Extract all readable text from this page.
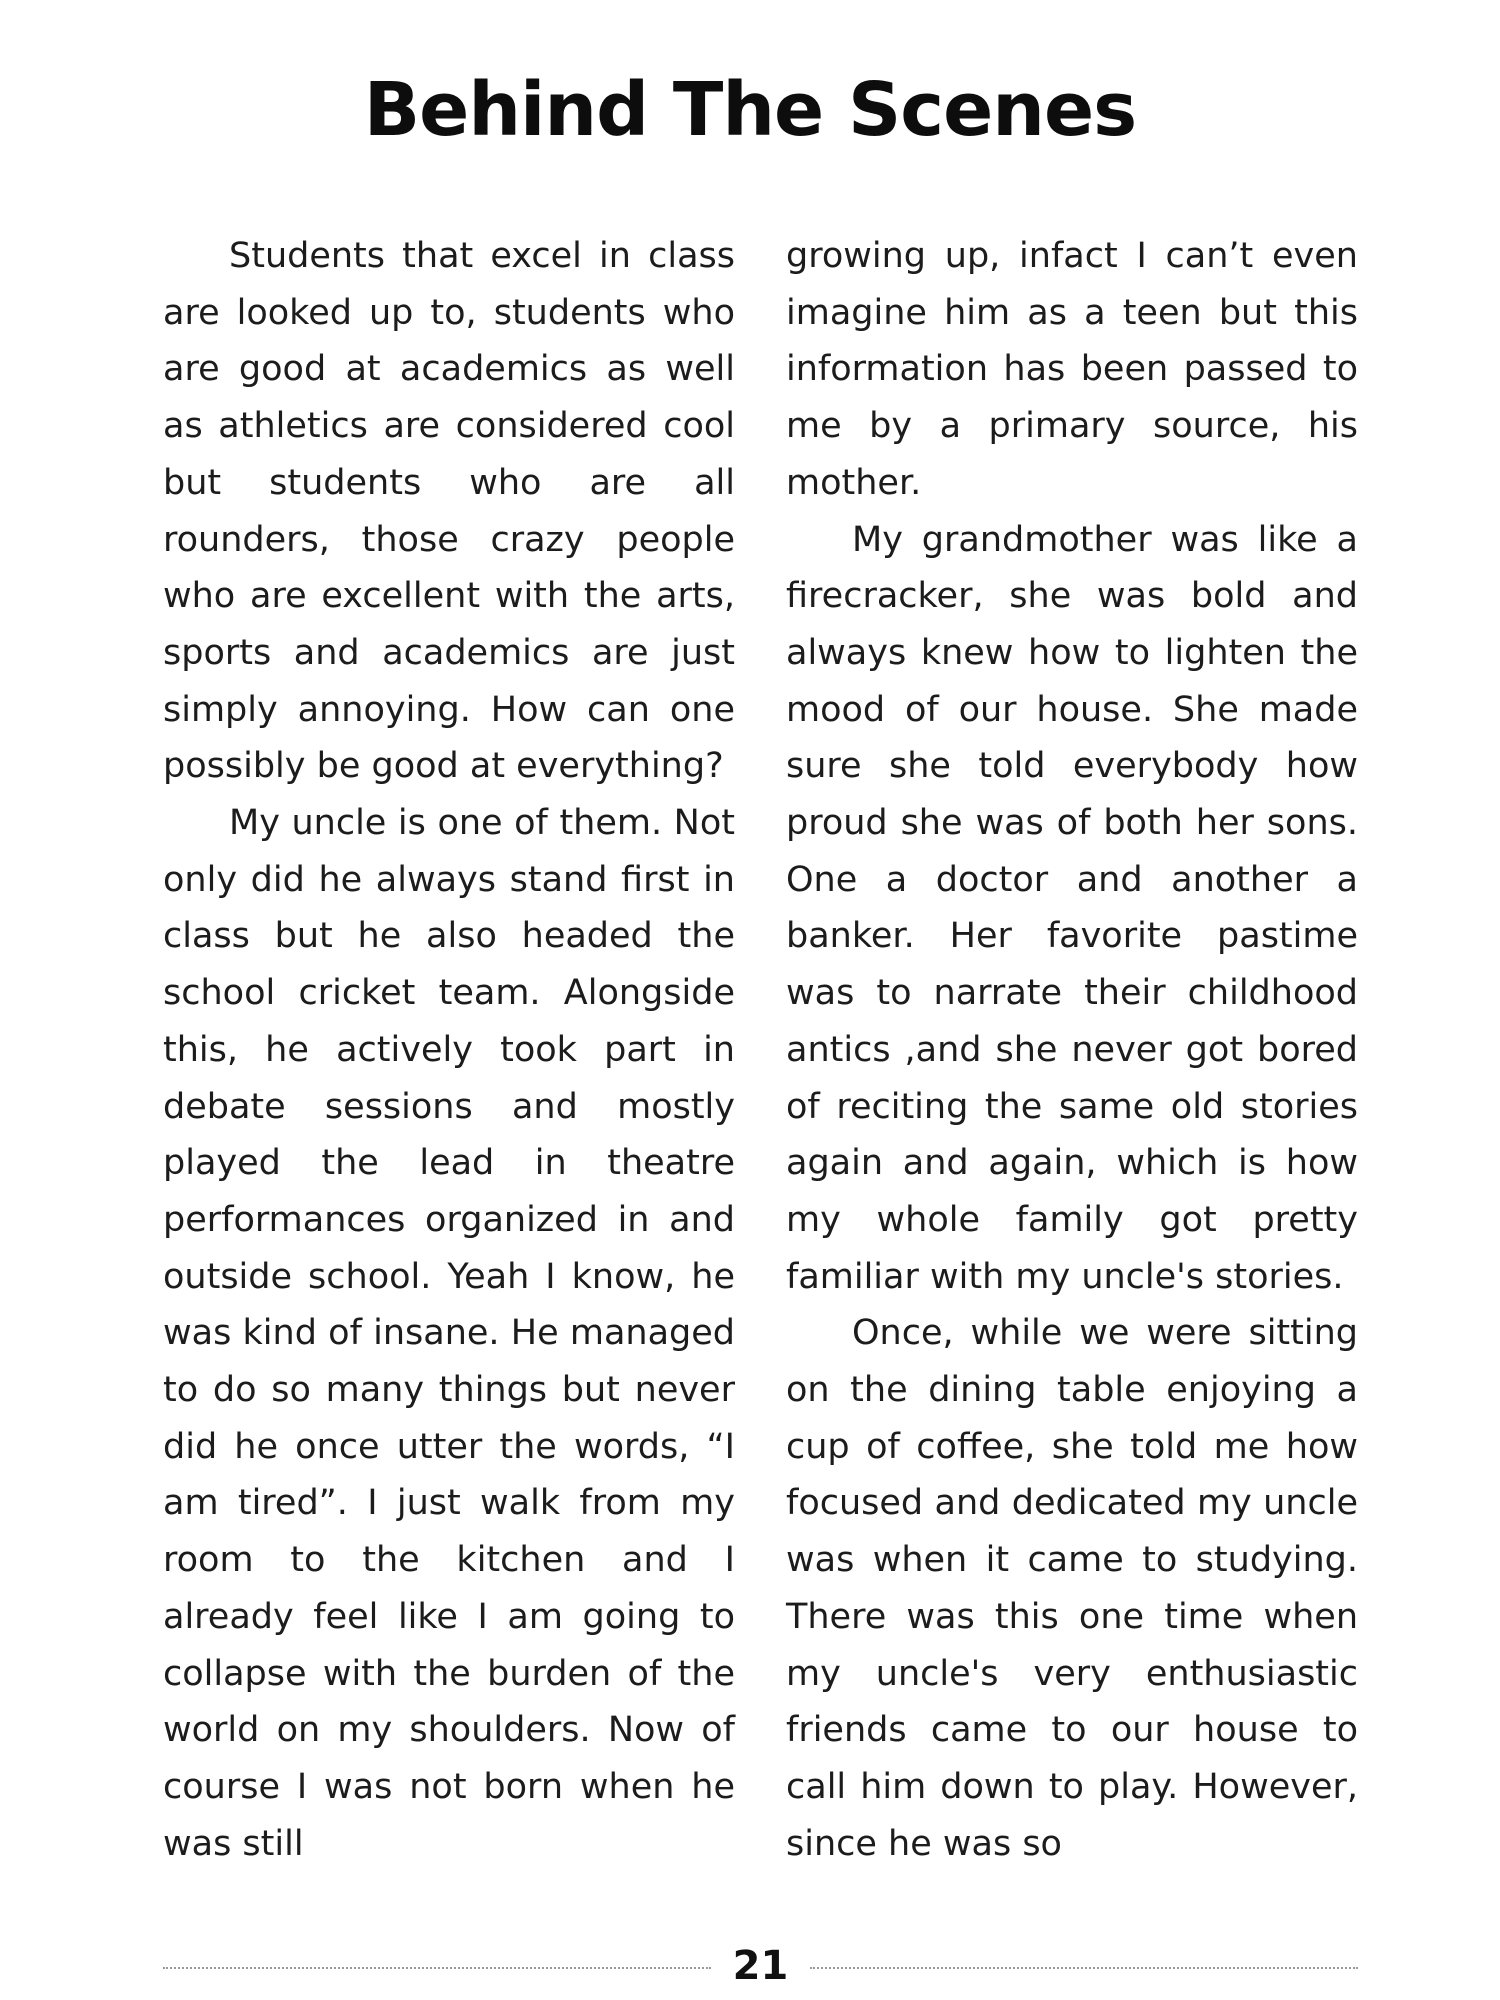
Behind The Scenes

Students that excel in class are looked up to, students who are good at academics as well as athletics are considered cool but students who are all rounders, those crazy people who are excellent with the arts, sports and academics are just simply annoying. How can one possibly be good at everything?

My uncle is one of them. Not only did he always stand first in class but he also headed the school cricket team. Alongside this, he actively took part in debate sessions and mostly played the lead in theatre performances organized in and outside school. Yeah I know, he was kind of insane. He managed to do so many things but never did he once utter the words, “I am tired”. I just walk from my room to the kitchen and I already feel like I am going to collapse with the burden of the world on my shoulders. Now of course I was not born when he was still

growing up, infact I can’t even imagine him as a teen but this information has been passed to me by a primary source, his mother.

My grandmother was like a firecracker, she was bold and always knew how to lighten the mood of our house. She made sure she told everybody how proud she was of both her sons. One a doctor and another a banker. Her favorite pastime was to narrate their childhood antics ,and she never got bored of reciting the same old stories again and again, which is how my whole family got pretty familiar with my uncle's stories.

Once, while we were sitting on the dining table enjoying a cup of coffee, she told me how focused and dedicated my uncle was when it came to studying. There was this one time when my uncle's very enthusiastic friends came to our house to call him down to play. However, since he was so

21
